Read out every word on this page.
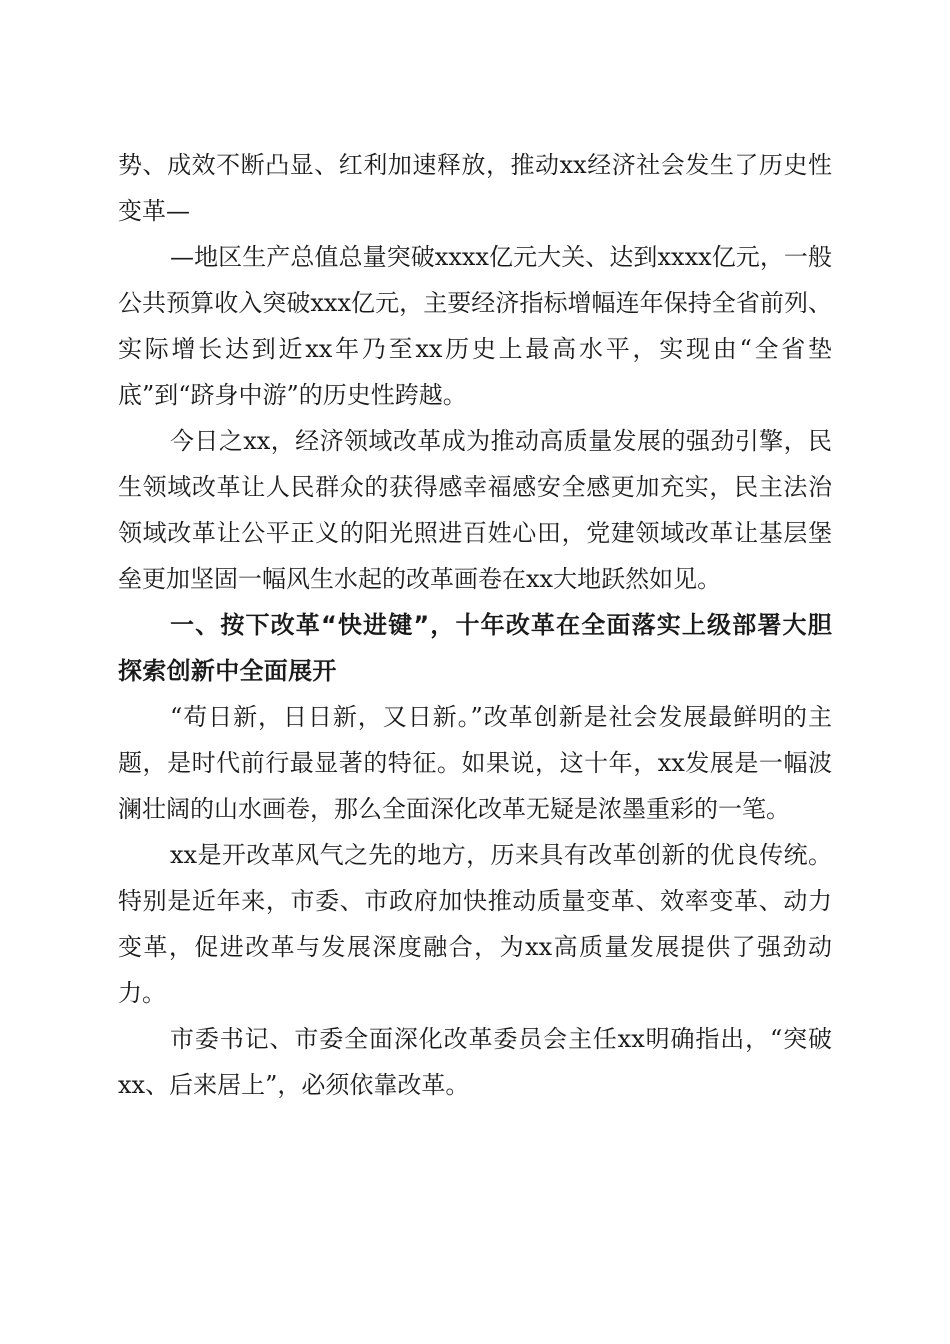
势、成效不断凸显、红利加速释放，推动xx经济社会发生了历史性变革—

—地区生产总值总量突破xxxx亿元大关、达到xxxx亿元，一般公共预算收入突破xxx亿元，主要经济指标增幅连年保持全省前列、实际增长达到近xx年乃至xx历史上最高水平，实现由“全省垫底”到“跻身中游”的历史性跨越。

今日之xx，经济领域改革成为推动高质量发展的强劲引擎，民生领域改革让人民群众的获得感幸福感安全感更加充实，民主法治领域改革让公平正义的阳光照进百姓心田，党建领域改革让基层堡垒更加坚固一幅风生水起的改革画卷在xx大地跃然如见。

一、按下改革“快进键”，十年改革在全面落实上级部署大胆探索创新中全面展开

“苟日新，日日新，又日新。”改革创新是社会发展最鲜明的主题，是时代前行最显著的特征。如果说，这十年，xx发展是一幅波澜壮阔的山水画卷，那么全面深化改革无疑是浓墨重彩的一笔。

xx是开改革风气之先的地方，历来具有改革创新的优良传统。特别是近年来，市委、市政府加快推动质量变革、效率变革、动力变革，促进改革与发展深度融合，为xx高质量发展提供了强劲动力。

市委书记、市委全面深化改革委员会主任xx明确指出，“突破xx、后来居上”，必须依靠改革。
